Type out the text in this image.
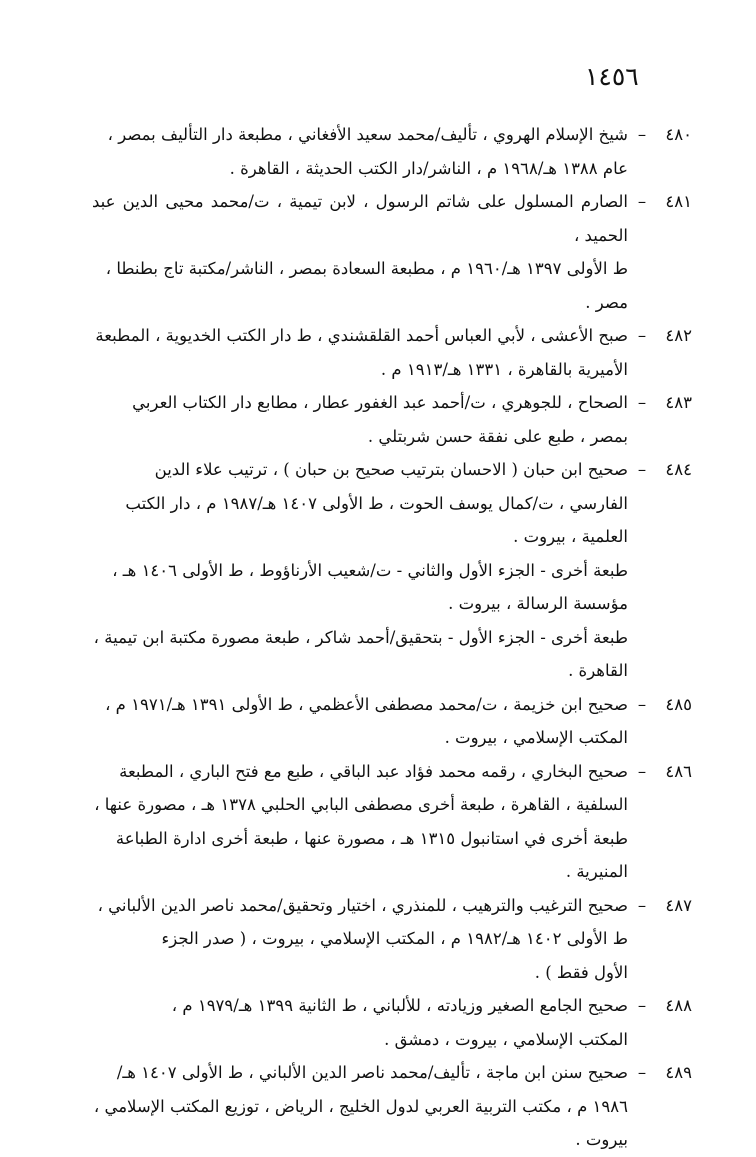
١٤٥٦
٤٨٠
–
شيخ الإسلام الهروي ، تأليف/محمد سعيد الأفغاني ، مطبعة دار التأليف بمصر ،
عام ١٣٨٨ هـ/١٩٦٨ م ، الناشر/دار الكتب الحديثة ، القاهرة .
٤٨١
–
الصارم المسلول على شاتم الرسول ، لابن تيمية ، ت/محمد محيى الدين عبد الحميد ،
ط الأولى ١٣٩٧ هـ/١٩٦٠ م ، مطبعة السعادة بمصر ، الناشر/مكتبة تاج بطنطا ،
مصر .
٤٨٢
–
صبح الأعشى ، لأبي العباس أحمد القلقشندي ، ط دار الكتب الخديوية ، المطبعة
الأميرية بالقاهرة ، ١٣٣١ هـ/١٩١٣ م .
٤٨٣
–
الصحاح ، للجوهري ، ت/أحمد عبد الغفور عطار ، مطابع دار الكتاب العربي
بمصر ، طبع على نفقة حسن شربتلي .
٤٨٤
–
صحيح ابن حبان ( الاحسان بترتيب صحيح بن حبان ) ، ترتيب علاء الدين
الفارسي ، ت/كمال يوسف الحوت ، ط الأولى ١٤٠٧ هـ/١٩٨٧ م ، دار الكتب
العلمية ، بيروت .
طبعة أخرى - الجزء الأول والثاني - ت/شعيب الأرناؤوط ، ط الأولى ١٤٠٦ هـ ،
مؤسسة الرسالة ، بيروت .
طبعة أخرى - الجزء الأول - بتحقيق/أحمد شاكر ، طبعة مصورة مكتبة ابن تيمية ،
القاهرة .
٤٨٥
–
صحيح ابن خزيمة ، ت/محمد مصطفى الأعظمي ، ط الأولى ١٣٩١ هـ/١٩٧١ م ،
المكتب الإسلامي ، بيروت .
٤٨٦
–
صحيح البخاري ، رقمه محمد فؤاد عبد الباقي ، طبع مع فتح الباري ، المطبعة
السلفية ، القاهرة ، طبعة أخرى مصطفى البابي الحلبي ١٣٧٨ هـ ، مصورة عنها ،
طبعة أخرى في استانبول ١٣١٥ هـ ، مصورة عنها ، طبعة أخرى ادارة الطباعة
المنيرية .
٤٨٧
–
صحيح الترغيب والترهيب ، للمنذري ، اختيار وتحقيق/محمد ناصر الدين الألباني ،
ط الأولى ١٤٠٢ هـ/١٩٨٢ م ، المكتب الإسلامي ، بيروت ، ( صدر الجزء
الأول فقط ) .
٤٨٨
–
صحيح الجامع الصغير وزيادته ، للألباني ، ط الثانية ١٣٩٩ هـ/١٩٧٩ م ،
المكتب الإسلامي ، بيروت ، دمشق .
٤٨٩
–
صحيح سنن ابن ماجة ، تأليف/محمد ناصر الدين الألباني ، ط الأولى ١٤٠٧ هـ/
١٩٨٦ م ، مكتب التربية العربي لدول الخليج ، الرياض ، توزيع المكتب الإسلامي ،
بيروت .
